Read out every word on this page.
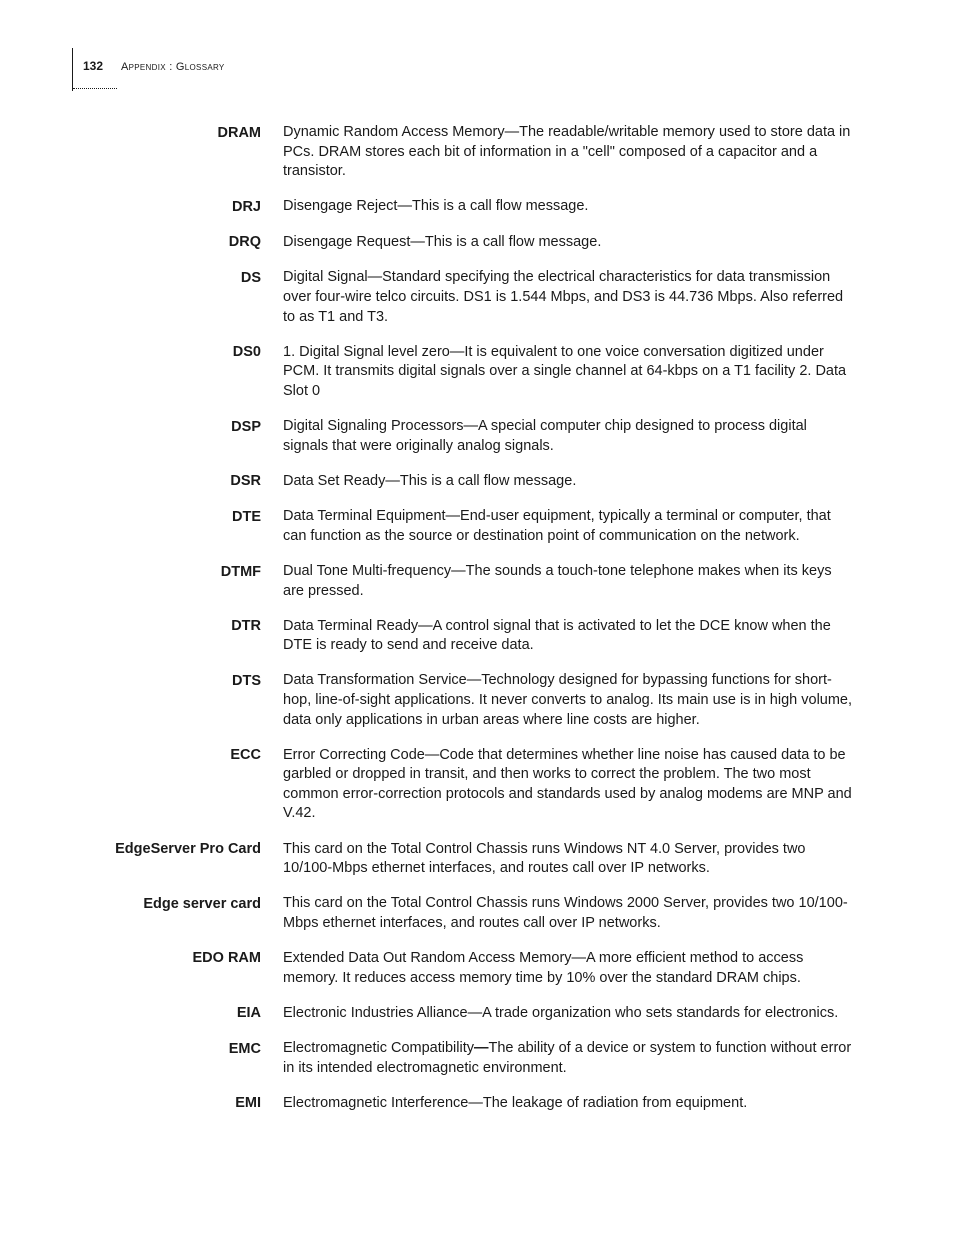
132 Appendix : Glossary
DRAM Dynamic Random Access Memory—The readable/writable memory used to store data in PCs. DRAM stores each bit of information in a "cell" composed of a capacitor and a transistor.
DRJ Disengage Reject—This is a call flow message.
DRQ Disengage Request—This is a call flow message.
DS Digital Signal—Standard specifying the electrical characteristics for data transmission over four-wire telco circuits. DS1 is 1.544 Mbps, and DS3 is 44.736 Mbps. Also referred to as T1 and T3.
DS0 1. Digital Signal level zero—It is equivalent to one voice conversation digitized under PCM. It transmits digital signals over a single channel at 64-kbps on a T1 facility 2. Data Slot 0
DSP Digital Signaling Processors—A special computer chip designed to process digital signals that were originally analog signals.
DSR Data Set Ready—This is a call flow message.
DTE Data Terminal Equipment—End-user equipment, typically a terminal or computer, that can function as the source or destination point of communication on the network.
DTMF Dual Tone Multi-frequency—The sounds a touch-tone telephone makes when its keys are pressed.
DTR Data Terminal Ready—A control signal that is activated to let the DCE know when the DTE is ready to send and receive data.
DTS Data Transformation Service—Technology designed for bypassing functions for short-hop, line-of-sight applications. It never converts to analog. Its main use is in high volume, data only applications in urban areas where line costs are higher.
ECC Error Correcting Code—Code that determines whether line noise has caused data to be garbled or dropped in transit, and then works to correct the problem. The two most common error-correction protocols and standards used by analog modems are MNP and V.42.
EdgeServer Pro Card This card on the Total Control Chassis runs Windows NT 4.0 Server, provides two 10/100-Mbps ethernet interfaces, and routes call over IP networks.
Edge server card This card on the Total Control Chassis runs Windows 2000 Server, provides two 10/100-Mbps ethernet interfaces, and routes call over IP networks.
EDO RAM Extended Data Out Random Access Memory—A more efficient method to access memory. It reduces access memory time by 10% over the standard DRAM chips.
EIA Electronic Industries Alliance—A trade organization who sets standards for electronics.
EMC Electromagnetic Compatibility—The ability of a device or system to function without error in its intended electromagnetic environment.
EMI Electromagnetic Interference—The leakage of radiation from equipment.
